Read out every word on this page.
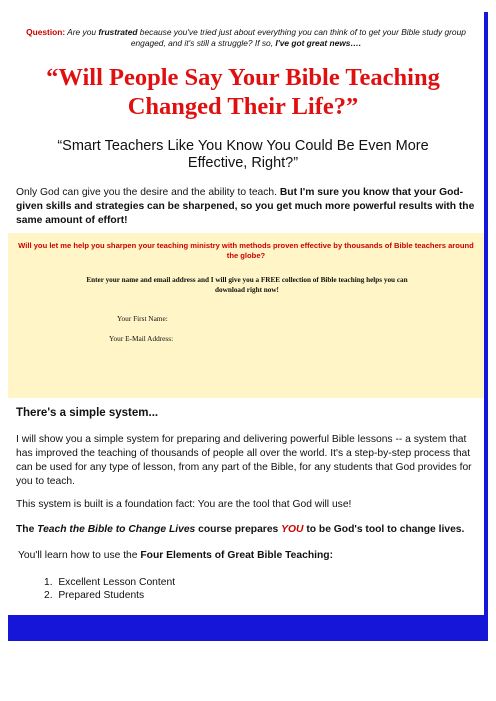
Question: Are you frustrated because you've tried just about everything you can think of to get your Bible study group engaged, and it's still a struggle? If so, I've got great news….
“Will People Say Your Bible Teaching Changed Their Life?”
“Smart Teachers Like You Know You Could Be Even More Effective, Right?”
Only God can give you the desire and the ability to teach. But I'm sure you know that your God-given skills and strategies can be sharpened, so you get much more powerful results with the same amount of effort!
Will you let me help you sharpen your teaching ministry with methods proven effective by thousands of Bible teachers around the globe?
Enter your name and email address and I will give you a FREE collection of Bible teaching helps you can download right now!
Your First Name:
Your E-Mail Address:
There's a simple system...
I will show you a simple system for preparing and delivering powerful Bible lessons -- a system that has improved the teaching of thousands of people all over the world. It's a step-by-step process that can be used for any type of lesson, from any part of the Bible, for any students that God provides for you to teach.
This system is built is a foundation fact: You are the tool that God will use!
The Teach the Bible to Change Lives course prepares YOU to be God's tool to change lives.
You'll learn how to use the Four Elements of Great Bible Teaching:
1.  Excellent Lesson Content
2.  Prepared Students
